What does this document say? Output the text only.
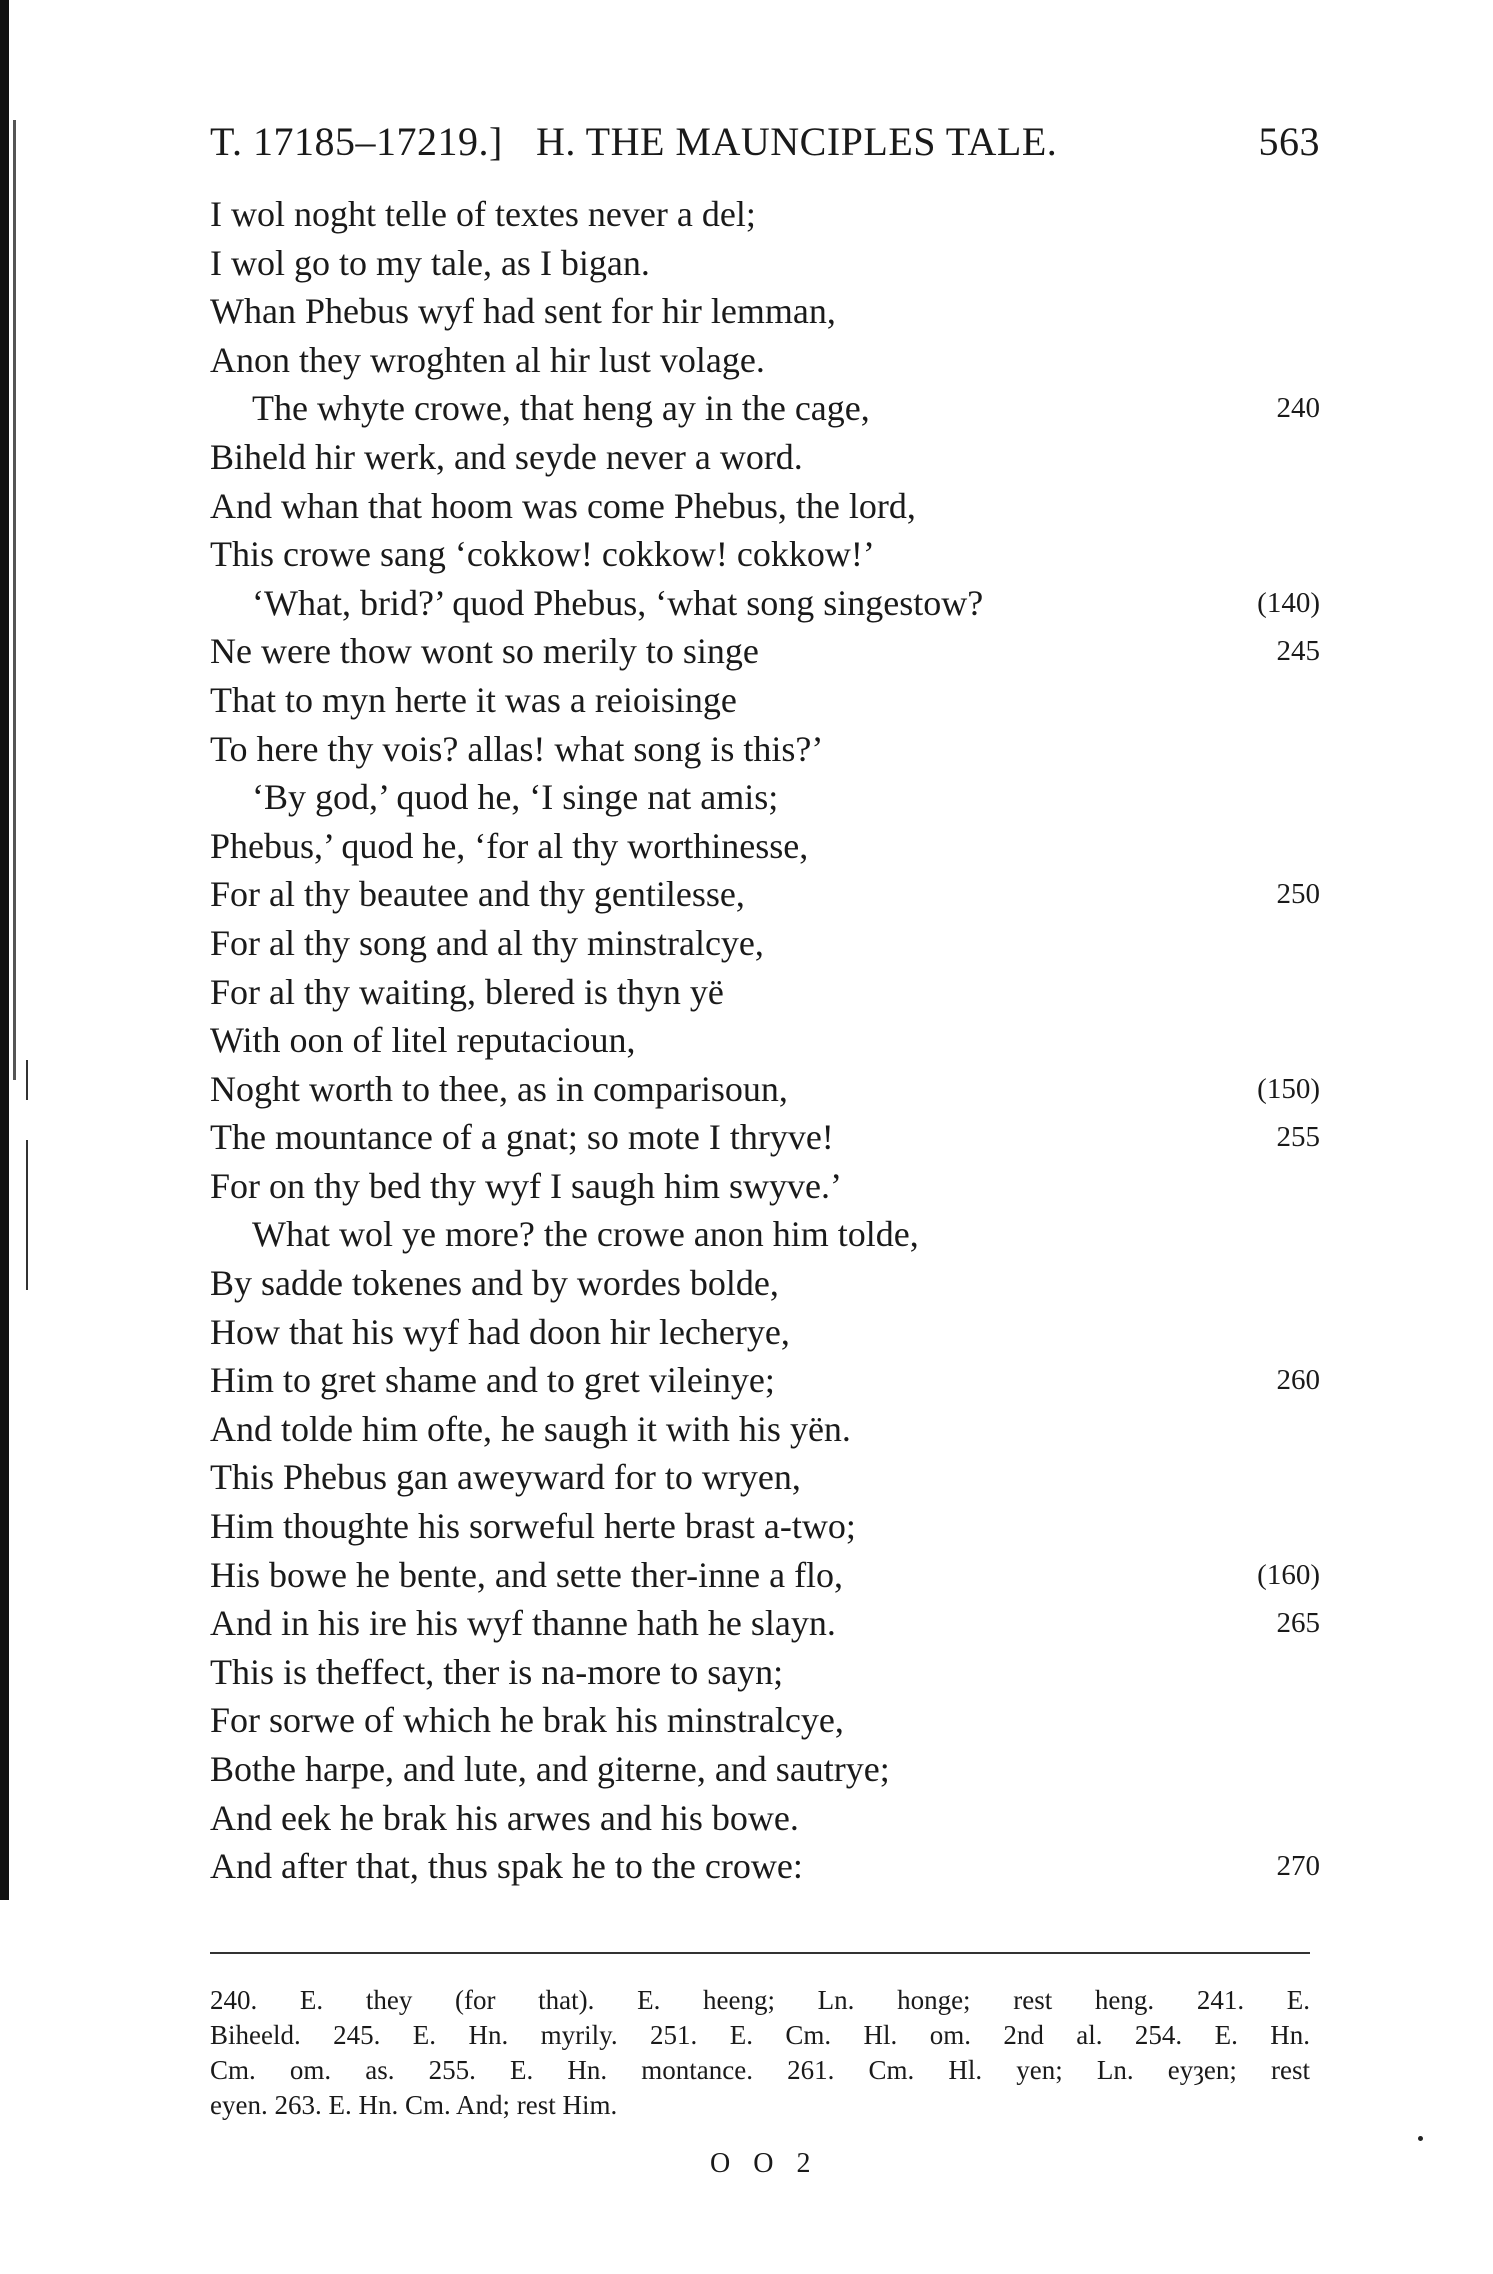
T. 17185–17219.] H. THE MAUNCIPLES TALE.	563
I wol noght telle of textes never a del;
I wol go to my tale, as I bigan.
Whan Phebus wyf had sent for hir lemman,
Anon they wroghten al hir lust volage.
The whyte crowe, that heng ay in the cage,	240
Biheld hir werk, and seyde never a word.
And whan that hoom was come Phebus, the lord,
This crowe sang ‘cokkow! cokkow! cokkow!’
‘What, brid?’ quod Phebus, ‘what song singestow?	(140)
Ne were thow wont so merily to singe	245
That to myn herte it was a reioisinge
To here thy vois? allas! what song is this?’
‘By god,’ quod he, ‘I singe nat amis;
Phebus,’ quod he, ‘for al thy worthinesse,
For al thy beautee and thy gentilesse,	250
For al thy song and al thy minstralcye,
For al thy waiting, blered is thyn yë
With oon of litel reputacioun,
Noght worth to thee, as in comparisoun,	(150)
The mountance of a gnat; so mote I thryve!	255
For on thy bed thy wyf I saugh him swyve.’
What wol ye more? the crowe anon him tolde,
By sadde tokenes and by wordes bolde,
How that his wyf had doon hir lecherye,
Him to gret shame and to gret vileinye;	260
And tolde him ofte, he saugh it with his yën.
This Phebus gan aweyward for to wryen,
Him thoughte his sorweful herte brast a-two;
His bowe he bente, and sette ther-inne a flo,	(160)
And in his ire his wyf thanne hath he slayn.	265
This is theffect, ther is na-more to sayn;
For sorwe of which he brak his minstralcye,
Bothe harpe, and lute, and giterne, and sautrye;
And eek he brak his arwes and his bowe.
And after that, thus spak he to the crowe:	270
240. E. they (for that). E. heeng; Ln. honge; rest heng. 241. E.
Biheeld. 245. E. Hn. myrily. 251. E. Cm. Hl. om. 2nd al. 254. E. Hn.
Cm. om. as. 255. E. Hn. montance. 261. Cm. Hl. yen; Ln. eyȝen; rest
eyen. 263. E. Hn. Cm. And; rest Him.
O O 2
